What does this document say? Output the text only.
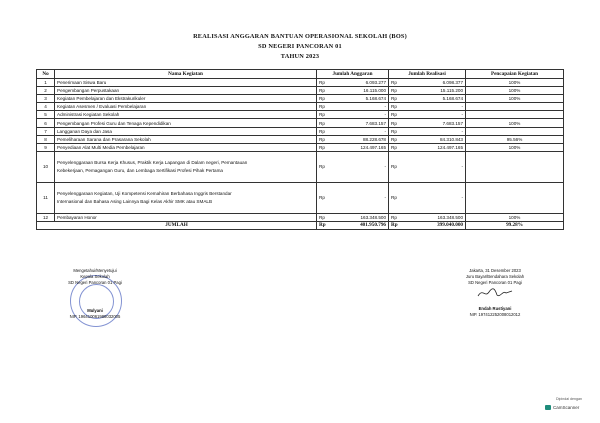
REALISASI ANGGARAN BANTUAN OPERASIONAL SEKOLAH (BOS)
SD NEGERI PANCORAN 01
TAHUN 2023
No	Nama Kegiatan	Jumlah Anggaran		Jumlah Realisasi		Pencapaian Kegiatan
1	Penerimaan Siswa Baru	Rp	6.093.277	Rp	6.098.377	100%
2	Pengembangan Perpustakaan	Rp	16.115.000	Rp	15.115.200	100%
3	Kegiatan Pembelajaran dan Ekstrakurikuler	Rp	5.168.674	Rp	5.168.674	100%
4	Kegiatan Asesmen / Evaluasi Pembelajaran	Rp	-	Rp	-	
5	Administrasi Kegiatan Sekolah	Rp	-	Rp	-	
6	Pengembangan Profesi Guru dan Tenaga Kependidikan	Rp	7.683.157	Rp	7.683.157	100%
7	Langganan Daya dan Jasa	Rp	-	Rp	-	
8	Pemeliharaan Sarana dan Prasarana Sekolah	Rp	88.228.678	Rp	84.310.843	95.56%
9	Penyediaan Alat Multi Media Pembelajaran	Rp	124.497.165	Rp	124.497.165	100%
10	Penyelenggaraan Bursa Kerja Khusus, Praktik Kerja Lapangan di Dalam negeri, Pemantauan
Kebekerjaan, Pemagangan Guru, dan Lembaga Sertifikasi Profesi Pihak Pertama	Rp	-	Rp	-	
11	Penyelenggaraan Kegiatan, Uji Kompetensi Kemahiran Berbahasa Inggris Berstandar
Internasional dan Bahasa Asing Lainnya Bagi Kelas Akhir SMK atau SMALB	Rp	-	Rp	-	
12	Pembayaran Honor	Rp	163.348.500	Rp	163.348.500	100%
JUMLAH		Rp	401.950.796	Rp	399.040.000	99.28%
Mengetahui/Menyetujui
Kepala Sekolah
SD Negeri Pancoran 01 Pagi
Mulyani
NIP. 196410061988032005
Jakarta, 31 Desember 2023
Juru Bayar/Bendahara Sekolah
SD Negeri Pancoran 01 Pagi
Endah Rustiyani
NIP. 197412252008012012
Dipindai dengan
CamScanner
